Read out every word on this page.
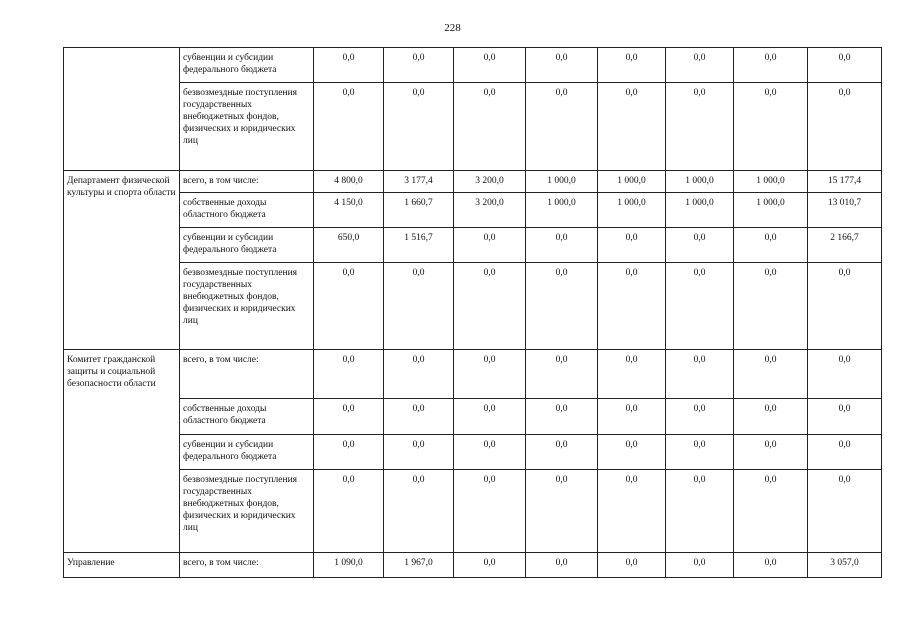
228
	субвенции и субсидии федерального бюджета	0,0	0,0	0,0	0,0	0,0	0,0	0,0	0,0
	безвозмездные поступления государственных внебюджетных фондов, физических и юридических лиц	0,0	0,0	0,0	0,0	0,0	0,0	0,0	0,0
Департамент физической культуры и спорта области	всего, в том числе:	4 800,0	3 177,4	3 200,0	1 000,0	1 000,0	1 000,0	1 000,0	15 177,4
	собственные доходы областного бюджета	4 150,0	1 660,7	3 200,0	1 000,0	1 000,0	1 000,0	1 000,0	13 010,7
	субвенции и субсидии федерального бюджета	650,0	1 516,7	0,0	0,0	0,0	0,0	0,0	2 166,7
	безвозмездные поступления государственных внебюджетных фондов, физических и юридических лиц	0,0	0,0	0,0	0,0	0,0	0,0	0,0	0,0
Комитет гражданской защиты и социальной безопасности области	всего, в том числе:	0,0	0,0	0,0	0,0	0,0	0,0	0,0	0,0
	собственные доходы областного бюджета	0,0	0,0	0,0	0,0	0,0	0,0	0,0	0,0
	субвенции и субсидии федерального бюджета	0,0	0,0	0,0	0,0	0,0	0,0	0,0	0,0
	безвозмездные поступления государственных внебюджетных фондов, физических и юридических лиц	0,0	0,0	0,0	0,0	0,0	0,0	0,0	0,0
Управление	всего, в том числе:	1 090,0	1 967,0	0,0	0,0	0,0	0,0	0,0	3 057,0
